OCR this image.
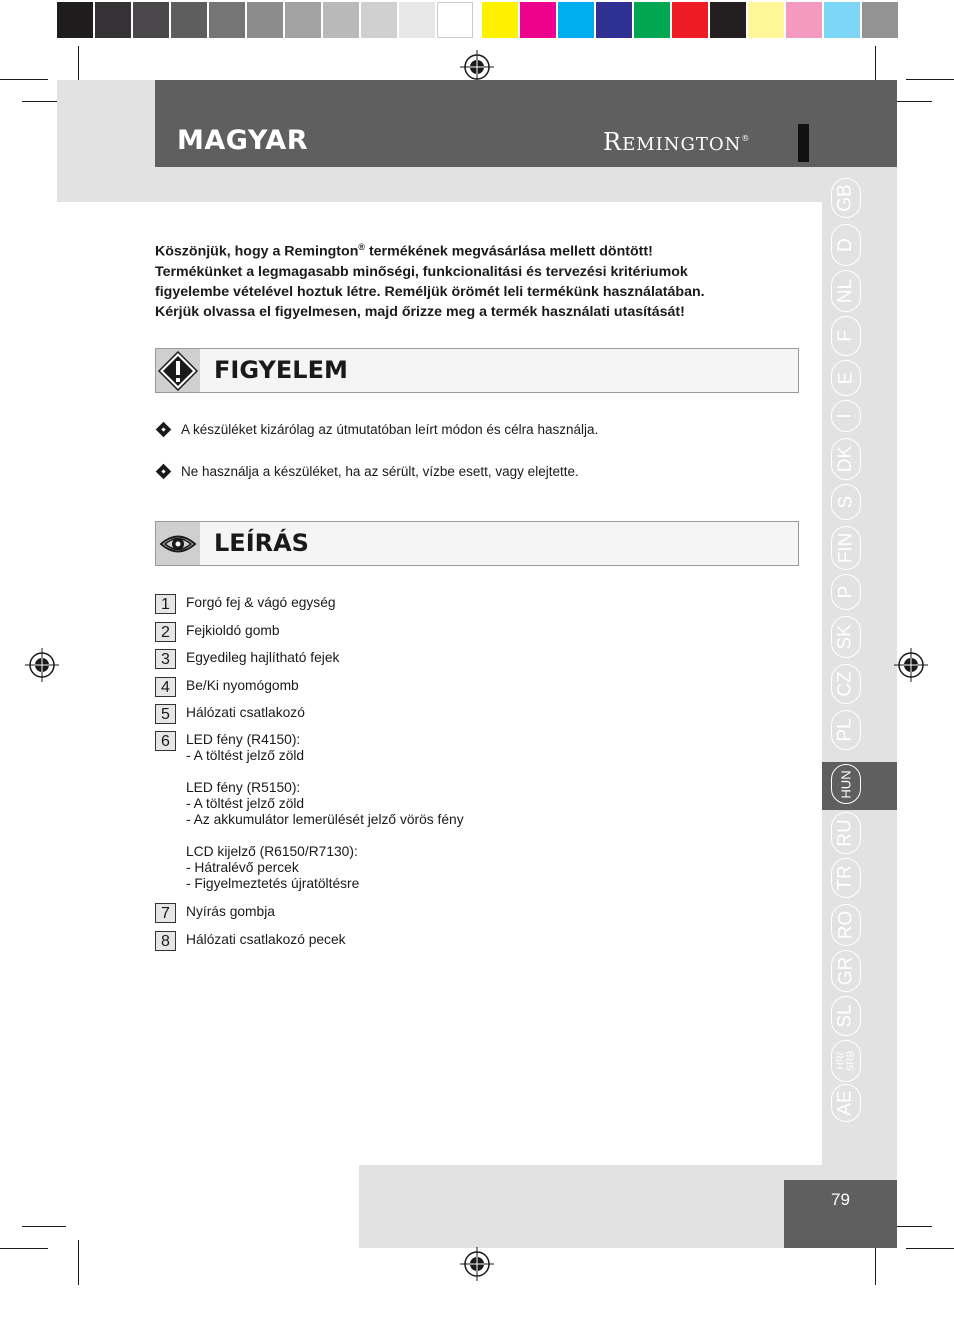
MAGYAR	REMINGTON®
GB
D
NL
F
E
I
DK
S
FIN
P
SK
CZ
PL
HUN
RU
TR
RO
GR
SL
HR/
SRB
AE
Köszönjük, hogy a Remington® termékének megvásárlása mellett döntött!
Termékünket a legmagasabb minőségi, funkcionalitási és tervezési kritériumok
figyelembe vételével hoztuk létre. Reméljük örömét leli termékünk használatában.
Kérjük olvassa el figyelmesen, majd őrizze meg a termék használati utasítását!
FIGYELEM
A készüléket kizárólag az útmutatóban leírt módon és célra használja.
Ne használja a készüléket, ha az sérült, vízbe esett, vagy elejtette.
LEÍRÁS
1	Forgó fej & vágó egység
2	Fejkioldó gomb
3	Egyedileg hajlítható fejek
4	Be/Ki nyomógomb
5	Hálózati csatlakozó
6	LED fény (R4150):
- A töltést jelző zöld

LED fény (R5150):
- A töltést jelző zöld
- Az akkumulátor lemerülését jelző vörös fény

LCD kijelző (R6150/R7130):
- Hátralévő percek
- Figyelmeztetés újratöltésre
7	Nyírás gombja
8	Hálózati csatlakozó pecek
79
